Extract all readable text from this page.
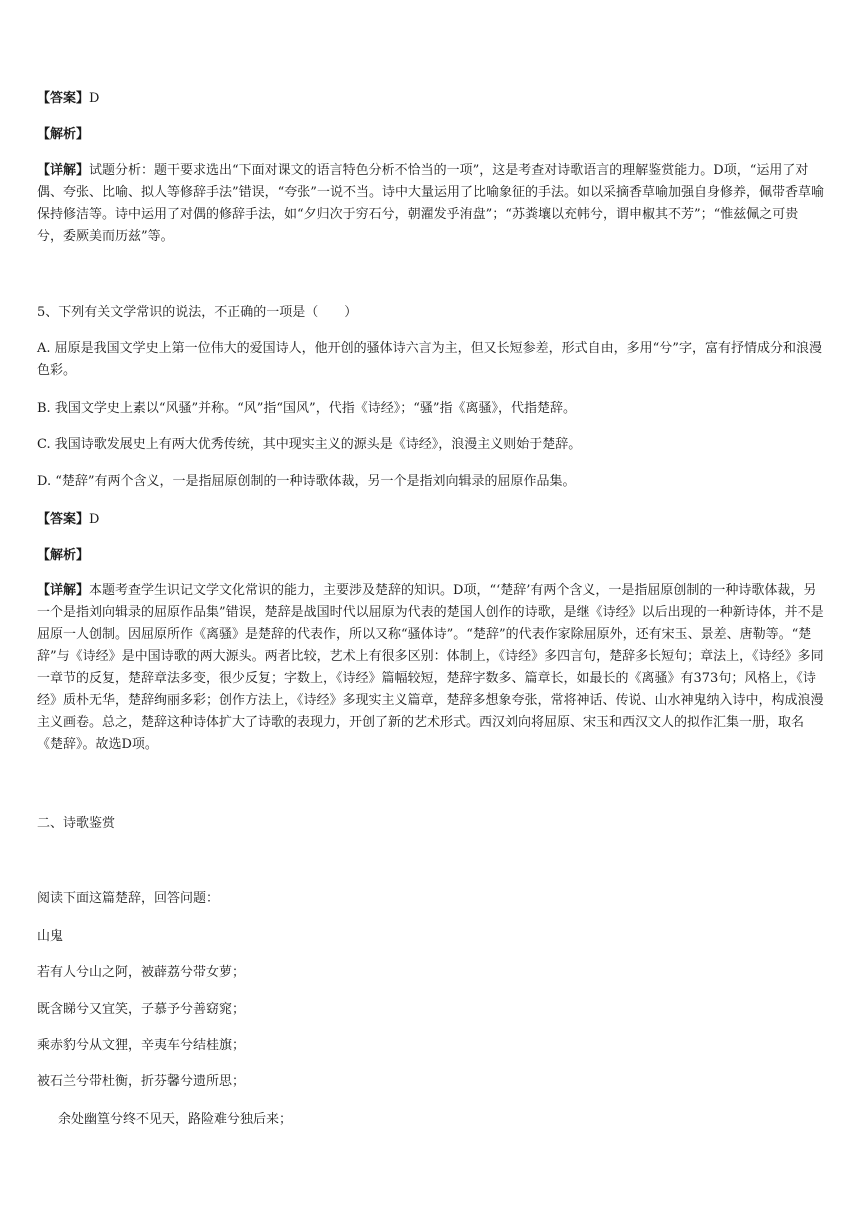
【答案】D

【解析】

【详解】试题分析：题干要求选出“下面对课文的语言特色分析不恰当的一项”，这是考查对诗歌语言的理解鉴赏能力。D项，“运用了对偶、夸张、比喻、拟人等修辞手法”错误，“夸张”一说不当。诗中大量运用了比喻象征的手法。如以采摘香草喻加强自身修养，佩带香草喻保持修洁等。诗中运用了对偶的修辞手法，如“夕归次于穷石兮，朝濯发乎洧盘”；“苏粪壤以充帏兮，谓申椒其不芳”；“惟兹佩之可贵兮，委厥美而历兹”等。

5、下列有关文学常识的说法，不正确的一项是（　　）

A. 屈原是我国文学史上第一位伟大的爱国诗人，他开创的骚体诗六言为主，但又长短参差，形式自由，多用“兮”字，富有抒情成分和浪漫色彩。

B. 我国文学史上素以“风骚”并称。“风”指“国风”，代指《诗经》；“骚”指《离骚》，代指楚辞。

C. 我国诗歌发展史上有两大优秀传统，其中现实主义的源头是《诗经》，浪漫主义则始于楚辞。

D. “楚辞”有两个含义，一是指屈原创制的一种诗歌体裁，另一个是指刘向辑录的屈原作品集。

【答案】D

【解析】

【详解】本题考查学生识记文学文化常识的能力，主要涉及楚辞的知识。D项，“‘楚辞’有两个含义，一是指屈原创制的一种诗歌体裁，另一个是指刘向辑录的屈原作品集”错误，楚辞是战国时代以屈原为代表的楚国人创作的诗歌，是继《诗经》以后出现的一种新诗体，并不是屈原一人创制。因屈原所作《离骚》是楚辞的代表作，所以又称“骚体诗”。“楚辞”的代表作家除屈原外，还有宋玉、景差、唐勒等。“楚辞”与《诗经》是中国诗歌的两大源头。两者比较，艺术上有很多区别：体制上，《诗经》多四言句，楚辞多长短句；章法上，《诗经》多同一章节的反复，楚辞章法多变，很少反复；字数上，《诗经》篇幅较短，楚辞字数多、篇章长，如最长的《离骚》有373句；风格上，《诗经》质朴无华，楚辞绚丽多彩；创作方法上，《诗经》多现实主义篇章，楚辞多想象夸张，常将神话、传说、山水神鬼纳入诗中，构成浪漫主义画卷。总之，楚辞这种诗体扩大了诗歌的表现力，开创了新的艺术形式。西汉刘向将屈原、宋玉和西汉文人的拟作汇集一册，取名《楚辞》。故选D项。

二、诗歌鉴赏

阅读下面这篇楚辞，回答问题：

山鬼

若有人兮山之阿，被薜荔兮带女萝；

既含睇兮又宜笑，子慕予兮善窈窕；

乘赤豹兮从文狸，辛夷车兮结桂旗；

被石兰兮带杜衡，折芬馨兮遗所思；

余处幽篁兮终不见天，路险难兮独后来；
